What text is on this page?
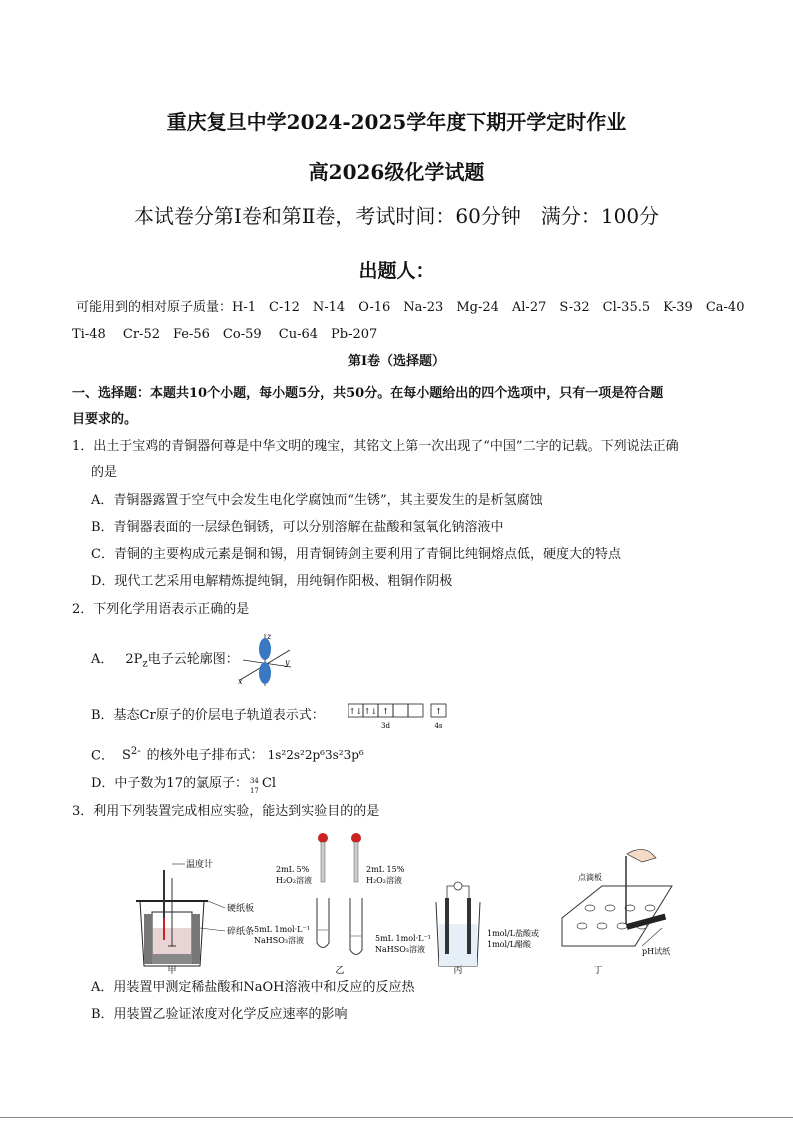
重庆复旦中学2024-2025学年度下期开学定时作业
高2026级化学试题
本试卷分第Ⅰ卷和第Ⅱ卷，考试时间：60分钟　满分：100分
出题人：
可能用到的相对原子质量：H-1　C-12　N-14　O-16　Na-23　Mg-24　Al-27　S-32　Cl-35.5　K-39　Ca-40
Ti-48　 Cr-52　Fe-56　Co-59　 Cu-64　Pb-207
第Ⅰ卷（选择题）
一、选择题：本题共10个小题，每小题5分，共50分。在每小题给出的四个选项中，只有一项是符合题
目要求的。
1．出土于宝鸡的青铜器何尊是中华文明的瑰宝，其铭文上第一次出现了“中国”二字的记载。下列说法正确
的是
A．青铜器露置于空气中会发生电化学腐蚀而“生锈”，其主要发生的是析氢腐蚀
B．青铜器表面的一层绿色铜锈，可以分别溶解在盐酸和氢氧化钠溶液中
C．青铜的主要构成元素是铜和锡，用青铜铸剑主要利用了青铜比纯铜熔点低，硬度大的特点
D．现代工艺采用电解精炼提纯铜，用纯铜作阳极、粗铜作阴极
2．下列化学用语表示正确的是
A． $2P_z$电子云轮廓图：
z
x
y
B．基态Cr原子的价层电子轨道表示式：	↑↓ ↑↓ ↑	↑
3d	4s
C． $S^{2-}$ 的核外电子排布式： 1s²2s²2p⁶3s²3p⁶
D．中子数为17的氯原子： 34
17 Cl
3．利用下列装置完成相应实验，能达到实验目的的是
温度计
硬纸板
碎纸条
甲
2mL 5%
H₂O₂溶液
2mL 15%
H₂O₂溶液
5mL 1mol·L⁻¹
NaHSO₃溶液	5mL 1mol·L⁻¹
NaHSO₃溶液
乙
1mol/L盐酸或
1mol/L醋酸
丙
点滴板
pH试纸
丁
A．用装置甲测定稀盐酸和NaOH溶液中和反应的反应热
B．用装置乙验证浓度对化学反应速率的影响
